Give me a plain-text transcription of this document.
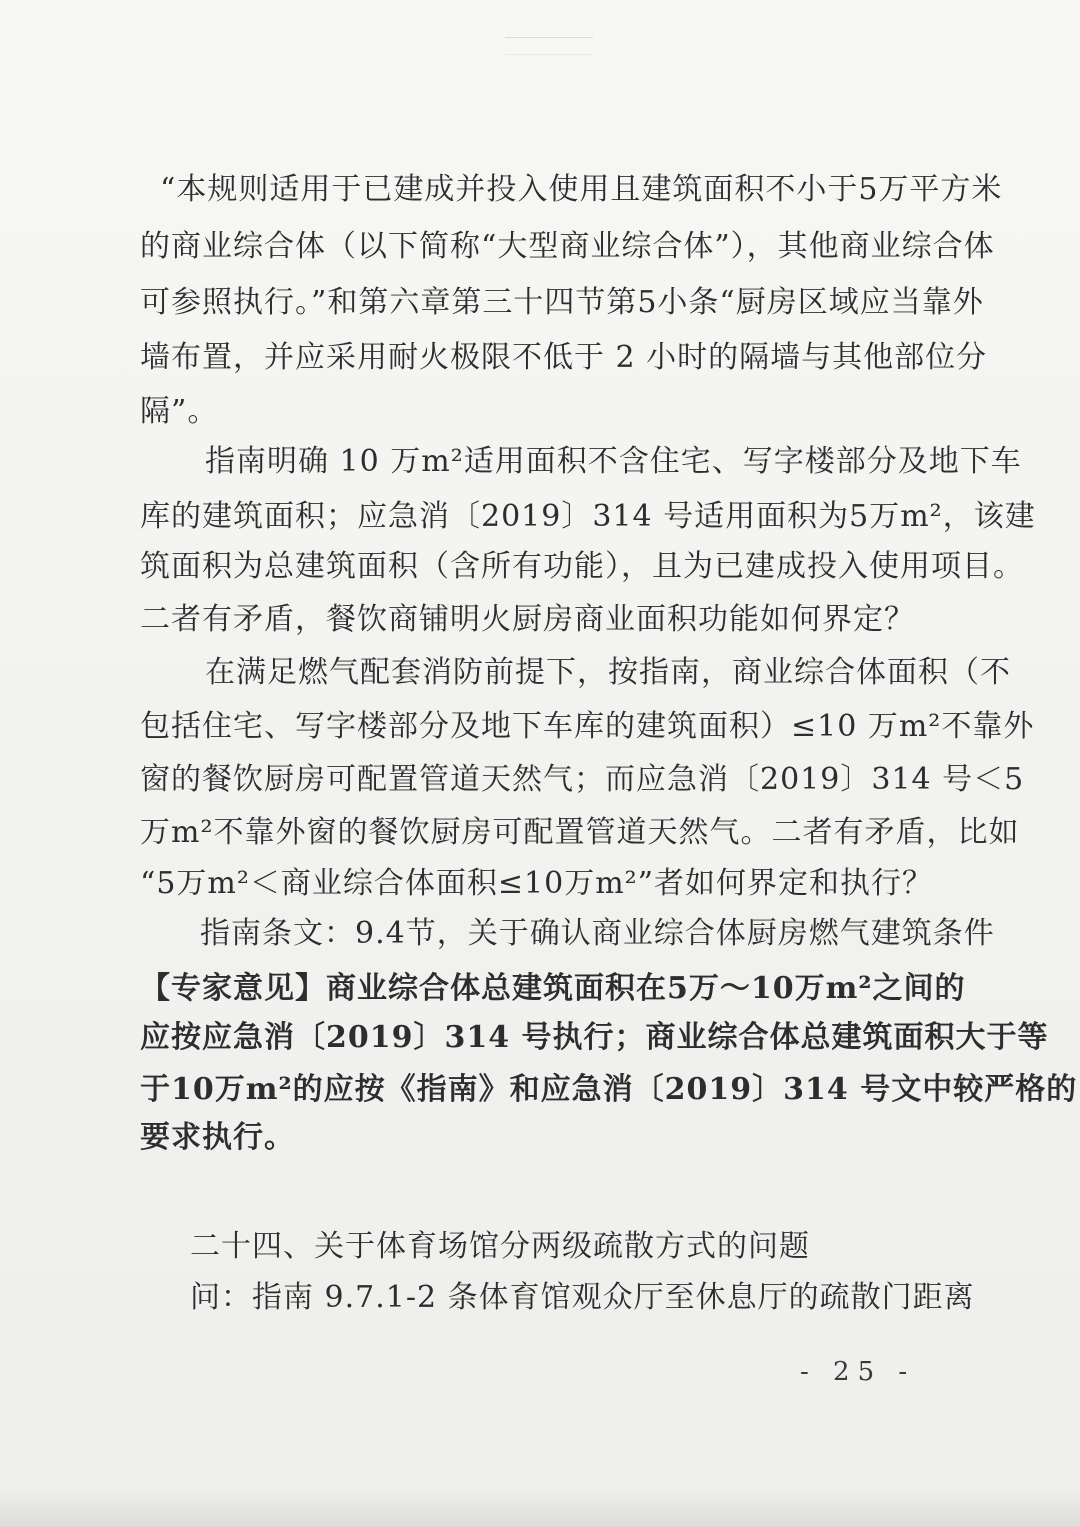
“本规则适用于已建成并投入使用且建筑面积不小于5万平方米
的商业综合体（以下简称“大型商业综合体”），其他商业综合体
可参照执行。”和第六章第三十四节第5小条“厨房区域应当靠外
墙布置，并应采用耐火极限不低于 2 小时的隔墙与其他部位分
隔”。
指南明确 10 万m²适用面积不含住宅、写字楼部分及地下车
库的建筑面积；应急消〔2019〕314 号适用面积为5万m²，该建
筑面积为总建筑面积（含所有功能），且为已建成投入使用项目。
二者有矛盾，餐饮商铺明火厨房商业面积功能如何界定？
在满足燃气配套消防前提下，按指南，商业综合体面积（不
包括住宅、写字楼部分及地下车库的建筑面积）≤10 万m²不靠外
窗的餐饮厨房可配置管道天然气；而应急消〔2019〕314 号＜5
万m²不靠外窗的餐饮厨房可配置管道天然气。二者有矛盾，比如
“5万m²＜商业综合体面积≤10万m²”者如何界定和执行？
指南条文：9.4节，关于确认商业综合体厨房燃气建筑条件
【专家意见】商业综合体总建筑面积在5万～10万m²之间的
应按应急消〔2019〕314 号执行；商业综合体总建筑面积大于等
于10万m²的应按《指南》和应急消〔2019〕314 号文中较严格的
要求执行。
二十四、关于体育场馆分两级疏散方式的问题
问：指南 9.7.1-2 条体育馆观众厅至休息厅的疏散门距离
- 25 -
